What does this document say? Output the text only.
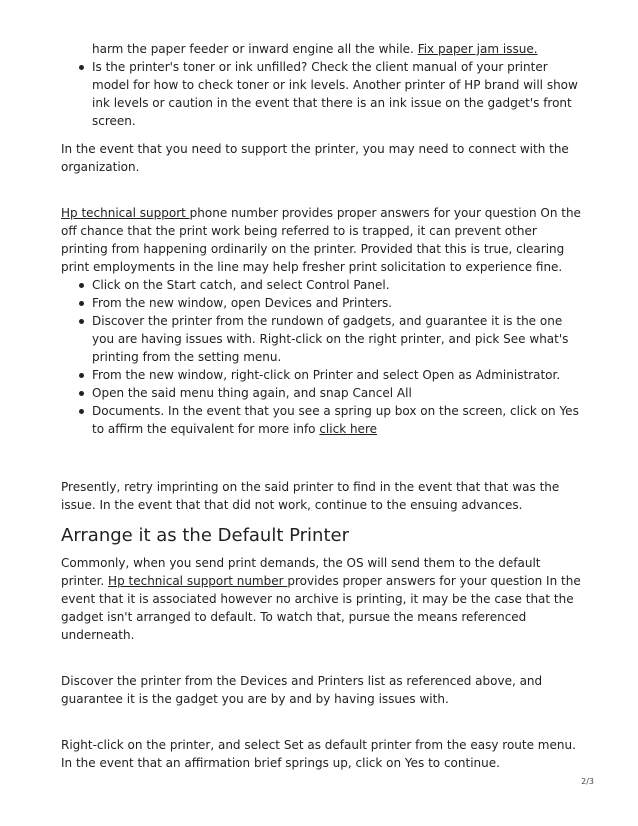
harm the paper feeder or inward engine all the while. Fix paper jam issue.
Is the printer's toner or ink unfilled? Check the client manual of your printer model for how to check toner or ink levels. Another printer of HP brand will show ink levels or caution in the event that there is an ink issue on the gadget's front screen.

In the event that you need to support the printer, you may need to connect with the organization.

Hp technical support phone number provides proper answers for your question On the off chance that the print work being referred to is trapped, it can prevent other printing from happening ordinarily on the printer. Provided that this is true, clearing print employments in the line may help fresher print solicitation to experience fine.

Click on the Start catch, and select Control Panel.
From the new window, open Devices and Printers.
Discover the printer from the rundown of gadgets, and guarantee it is the one you are having issues with. Right-click on the right printer, and pick See what's printing from the setting menu.
From the new window, right-click on Printer and select Open as Administrator.
Open the said menu thing again, and snap Cancel All
Documents. In the event that you see a spring up box on the screen, click on Yes to affirm the equivalent for more info click here

Presently, retry imprinting on the said printer to find in the event that that was the issue. In the event that that did not work, continue to the ensuing advances.

Arrange it as the Default Printer

Commonly, when you send print demands, the OS will send them to the default printer. Hp technical support number provides proper answers for your question In the event that it is associated however no archive is printing, it may be the case that the gadget isn't arranged to default. To watch that, pursue the means referenced underneath.

Discover the printer from the Devices and Printers list as referenced above, and guarantee it is the gadget you are by and by having issues with.

Right-click on the printer, and select Set as default printer from the easy route menu. In the event that an affirmation brief springs up, click on Yes to continue.

2/3
